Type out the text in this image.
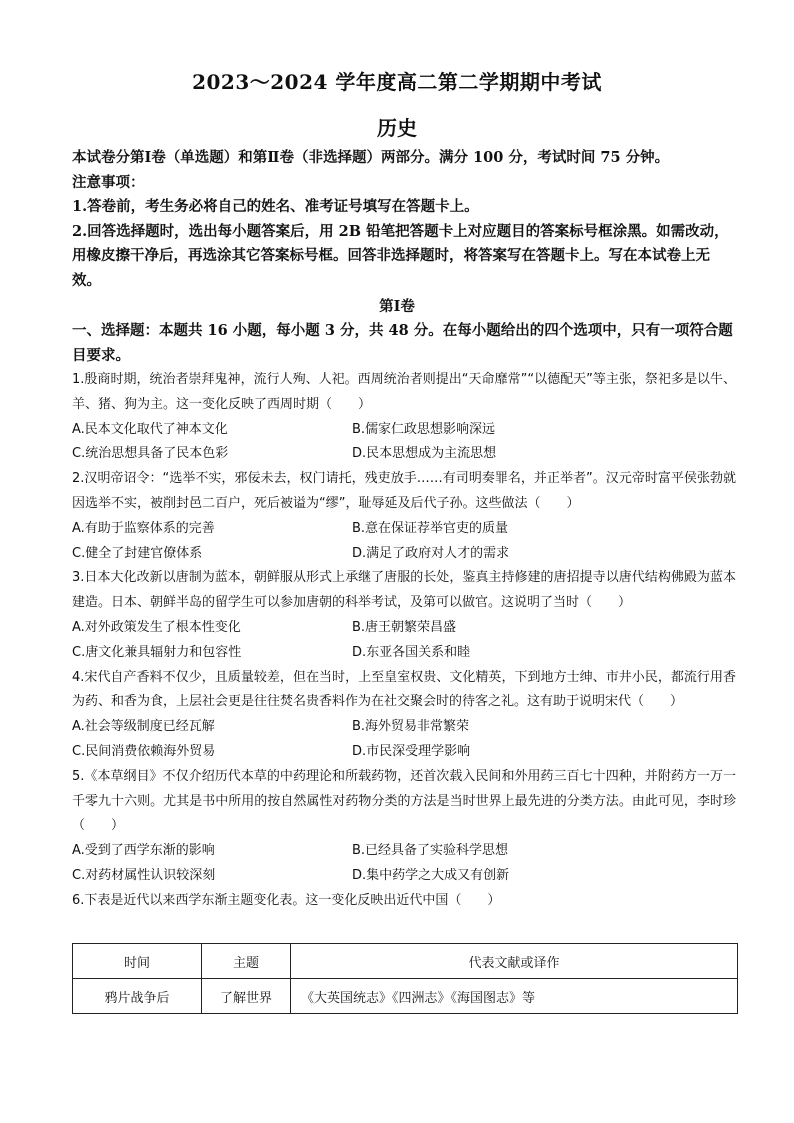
2023～2024 学年度高二第二学期期中考试
历史

本试卷分第Ⅰ卷（单选题）和第Ⅱ卷（非选择题）两部分。满分 100 分，考试时间 75 分钟。

注意事项：

1.答卷前，考生务必将自己的姓名、准考证号填写在答题卡上。

2.回答选择题时，选出每小题答案后，用 2B 铅笔把答题卡上对应题目的答案标号框涂黑。如需改动，用橡皮擦干净后，再选涂其它答案标号框。回答非选择题时，将答案写在答题卡上。写在本试卷上无效。

第Ⅰ卷

一、选择题：本题共 16 小题，每小题 3 分，共 48 分。在每小题给出的四个选项中，只有一项符合题目要求。

1.殷商时期，统治者崇拜鬼神，流行人殉、人祀。西周统治者则提出“天命靡常”“以德配天”等主张，祭祀多是以牛、羊、猪、狗为主。这一变化反映了西周时期（　　）

A.民本文化取代了神本文化	B.儒家仁政思想影响深远
C.统治思想具备了民本色彩	D.民本思想成为主流思想

2.汉明帝诏令：“选举不实，邪佞未去，权门请托，残吏放手……有司明奏罪名，并正举者”。汉元帝时富平侯张勃就因选举不实，被削封邑二百户，死后被谥为“缪”，耻辱延及后代子孙。这些做法（　　）

A.有助于监察体系的完善	B.意在保证荐举官吏的质量
C.健全了封建官僚体系	D.满足了政府对人才的需求

3.日本大化改新以唐制为蓝本，朝鲜服从形式上承继了唐服的长处，鉴真主持修建的唐招提寺以唐代结构佛殿为蓝本建造。日本、朝鲜半岛的留学生可以参加唐朝的科举考试，及第可以做官。这说明了当时（　　）

A.对外政策发生了根本性变化	B.唐王朝繁荣昌盛
C.唐文化兼具辐射力和包容性	D.东亚各国关系和睦

4.宋代自产香料不仅少，且质量较差，但在当时，上至皇室权贵、文化精英，下到地方士绅、市井小民，都流行用香为药、和香为食，上层社会更是往往焚名贵香料作为在社交聚会时的待客之礼。这有助于说明宋代（　　）

A.社会等级制度已经瓦解	B.海外贸易非常繁荣
C.民间消费依赖海外贸易	D.市民深受理学影响

5.《本草纲目》不仅介绍历代本草的中药理论和所载药物，还首次载入民间和外用药三百七十四种，并附药方一万一千零九十六则。尤其是书中所用的按自然属性对药物分类的方法是当时世界上最先进的分类方法。由此可见，李时珍（　　）

A.受到了西学东渐的影响	B.已经具备了实验科学思想
C.对药材属性认识较深刻	D.集中药学之大成又有创新

6.下表是近代以来西学东渐主题变化表。这一变化反映出近代中国（　　）

时间	主题	代表文献或译作
鸦片战争后	了解世界	《大英国统志》《四洲志》《海国图志》等
